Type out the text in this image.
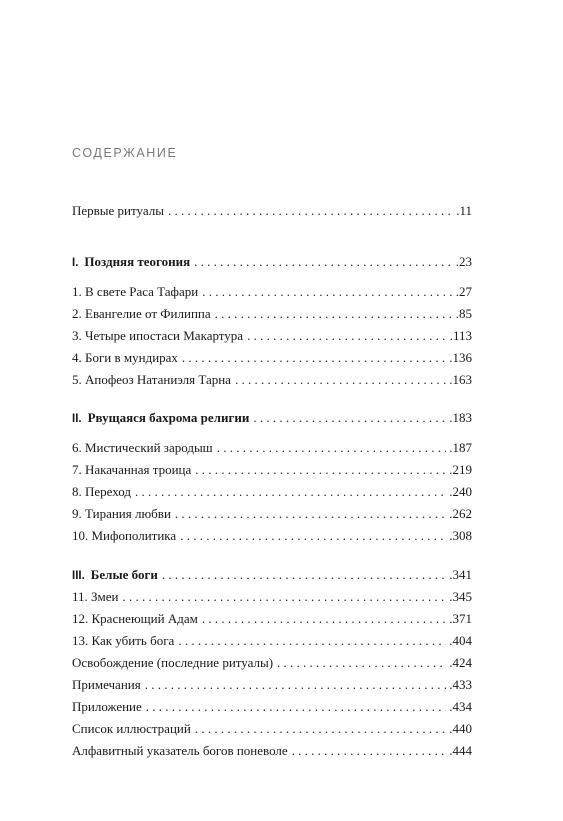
СОДЕРЖАНИЕ
Первые ритуалы . . .	.11
I. Поздняя теогония . . .	.23
1. В свете Раса Тафари . . .	.27
2. Евангелие от Филиппа . . .	.85
3. Четыре ипостаси Макартура . . .	.113
4. Боги в мундирах . . .	.136
5. Апофеоз Натаниэля Тарна . . .	.163
II. Рвущаяся бахрома религии . . .	.183
6. Мистический зародыш . . .	.187
7. Накачанная троица . . .	.219
8. Переход . . .	.240
9. Тирания любви . . .	.262
10. Мифополитика . . .	.308
III. Белые боги . . .	.341
11. Змеи . . .	.345
12. Краснеющий Адам . . .	.371
13. Как убить бога . . .	.404
Освобождение (последние ритуалы) . . .	.424
Примечания . . .	.433
Приложение . . .	.434
Список иллюстраций . . .	.440
Алфавитный указатель богов поневоле . . .	.444
